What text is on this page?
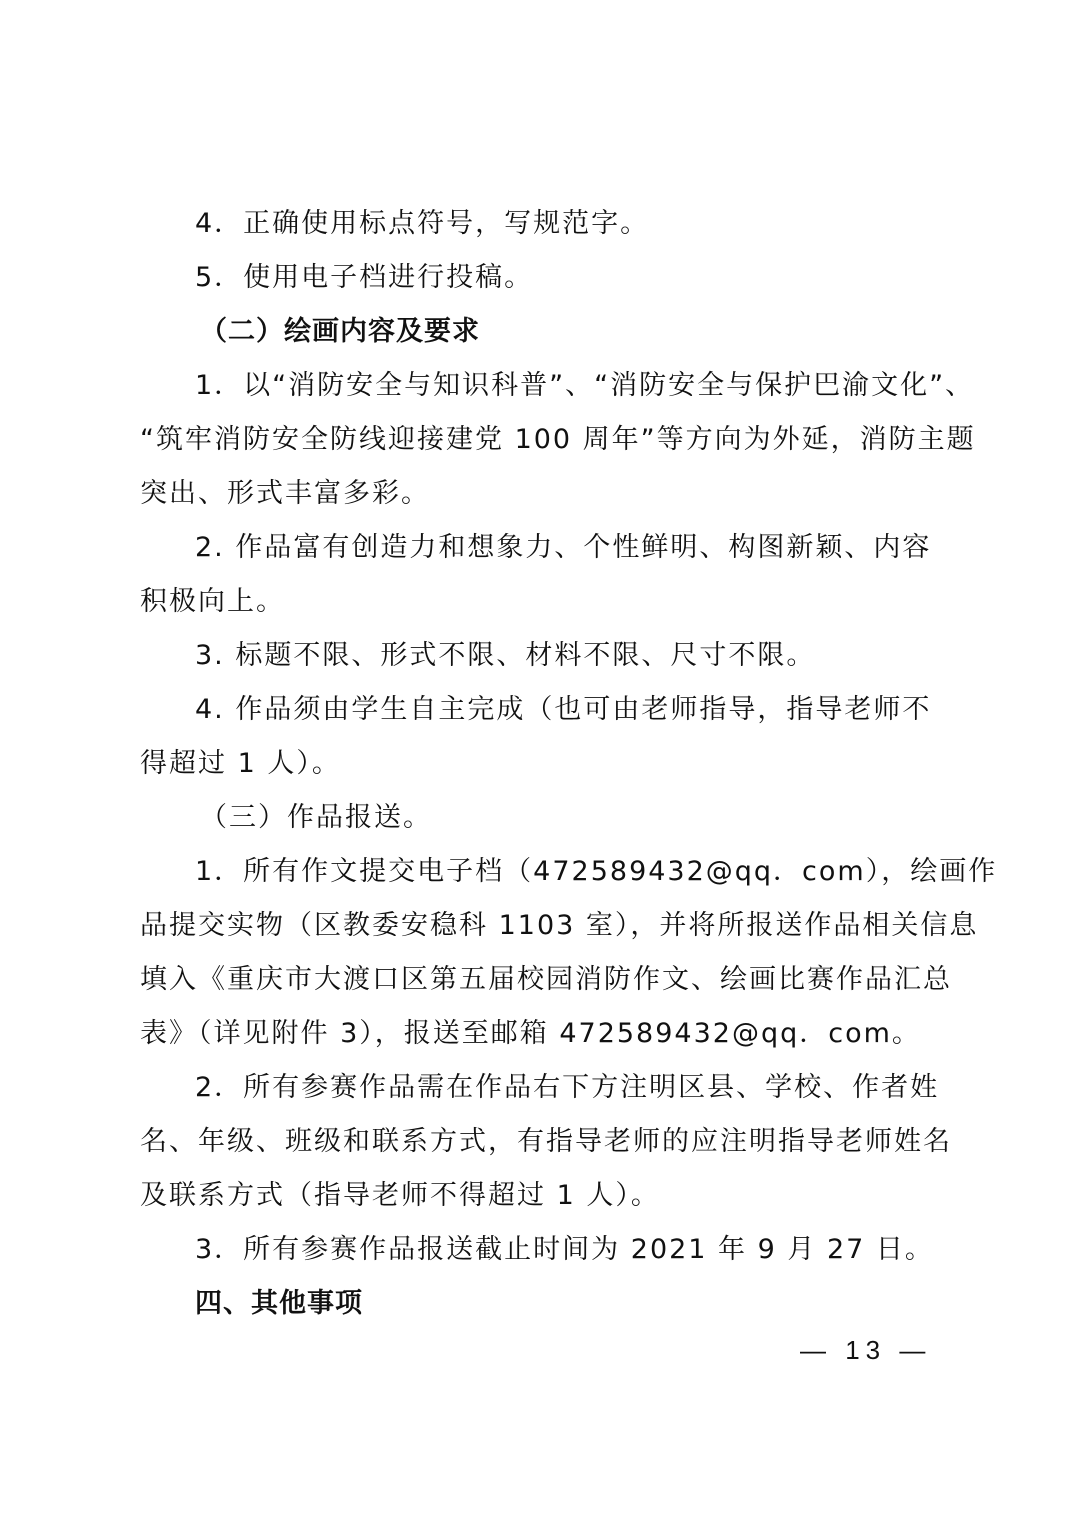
4．正确使用标点符号，写规范字。
5．使用电子档进行投稿。
（二）绘画内容及要求
1．以“消防安全与知识科普”、“消防安全与保护巴渝文化”、
“筑牢消防安全防线迎接建党 100 周年”等方向为外延，消防主题
突出、形式丰富多彩。
2. 作品富有创造力和想象力、个性鲜明、构图新颖、内容
积极向上。
3. 标题不限、形式不限、材料不限、尺寸不限。
4. 作品须由学生自主完成（也可由老师指导，指导老师不
得超过 1 人）。
（三）作品报送。
1．所有作文提交电子档（472589432@qq．com），绘画作
品提交实物（区教委安稳科 1103 室），并将所报送作品相关信息
填入《重庆市大渡口区第五届校园消防作文、绘画比赛作品汇总
表》（详见附件 3），报送至邮箱 472589432@qq．com。
2．所有参赛作品需在作品右下方注明区县、学校、作者姓
名、年级、班级和联系方式，有指导老师的应注明指导老师姓名
及联系方式（指导老师不得超过 1 人）。
3．所有参赛作品报送截止时间为 2021 年 9 月 27 日。
四、其他事项
— 13 —
